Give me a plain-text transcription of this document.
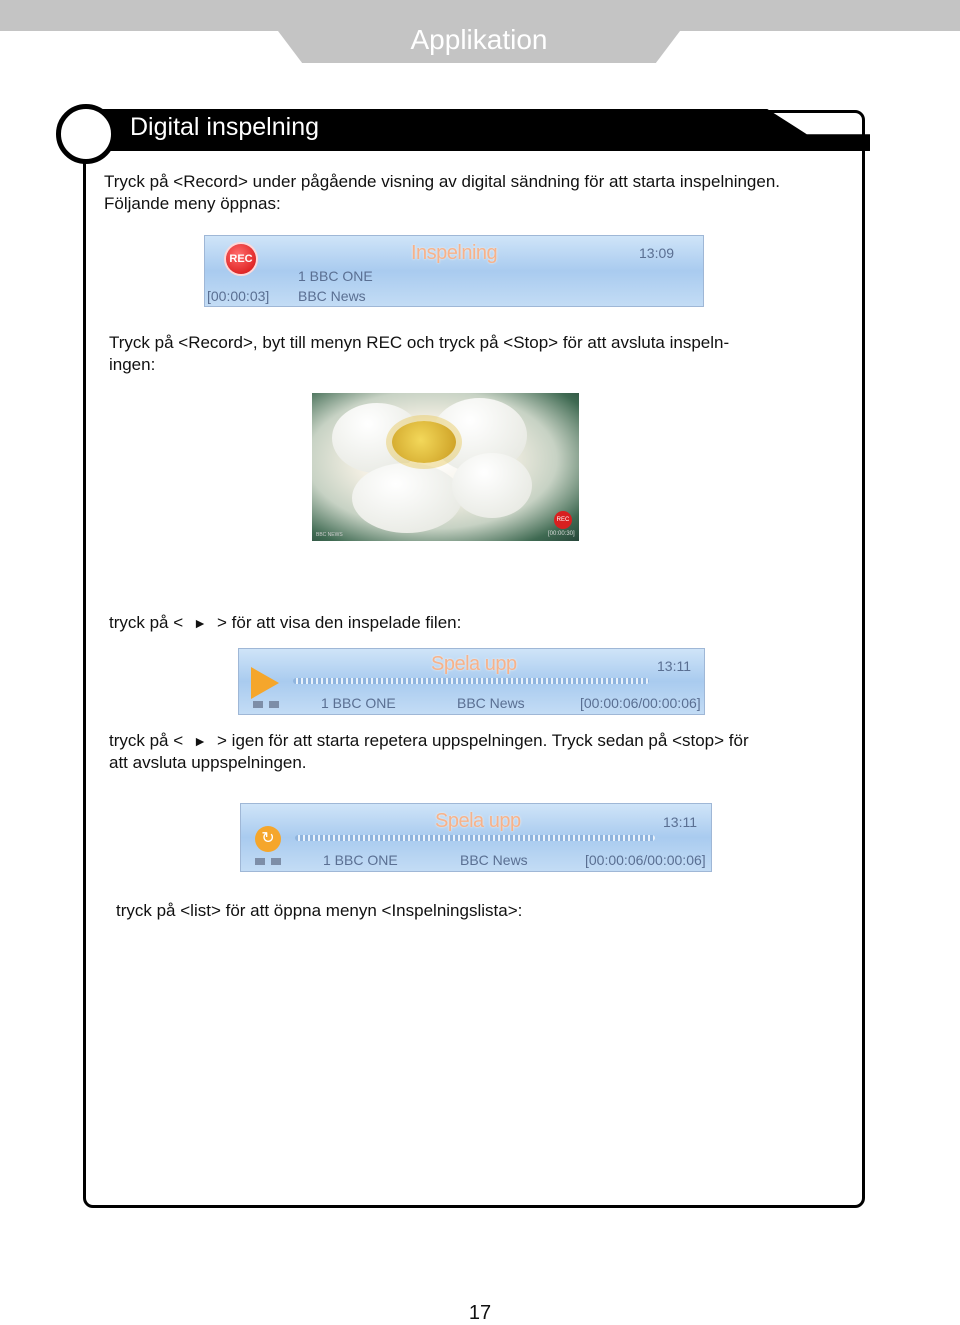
Applikation
Digital inspelning
Tryck på <Record> under pågående visning av digital sändning för att starta inspelningen.
Följande meny öppnas:
REC	Inspelning	13:09
1 BBC ONE
BBC News
[00:00:03]
Tryck på <Record>, byt till menyn REC och tryck på <Stop> för att avsluta inspeln-
ingen:
REC
[00:00:30]
BBC NEWS
tryck på < ► > för att visa den inspelade filen:
Spela upp	13:11
1 BBC ONE	BBC News	[00:00:06/00:00:06]
tryck på < ► > igen för att starta repetera uppspelningen. Tryck sedan på <stop> för
att avsluta uppspelningen.
↻
Spela upp	13:11
1 BBC ONE	BBC News	[00:00:06/00:00:06]
tryck på <list> för att öppna menyn <Inspelningslista>:
17
